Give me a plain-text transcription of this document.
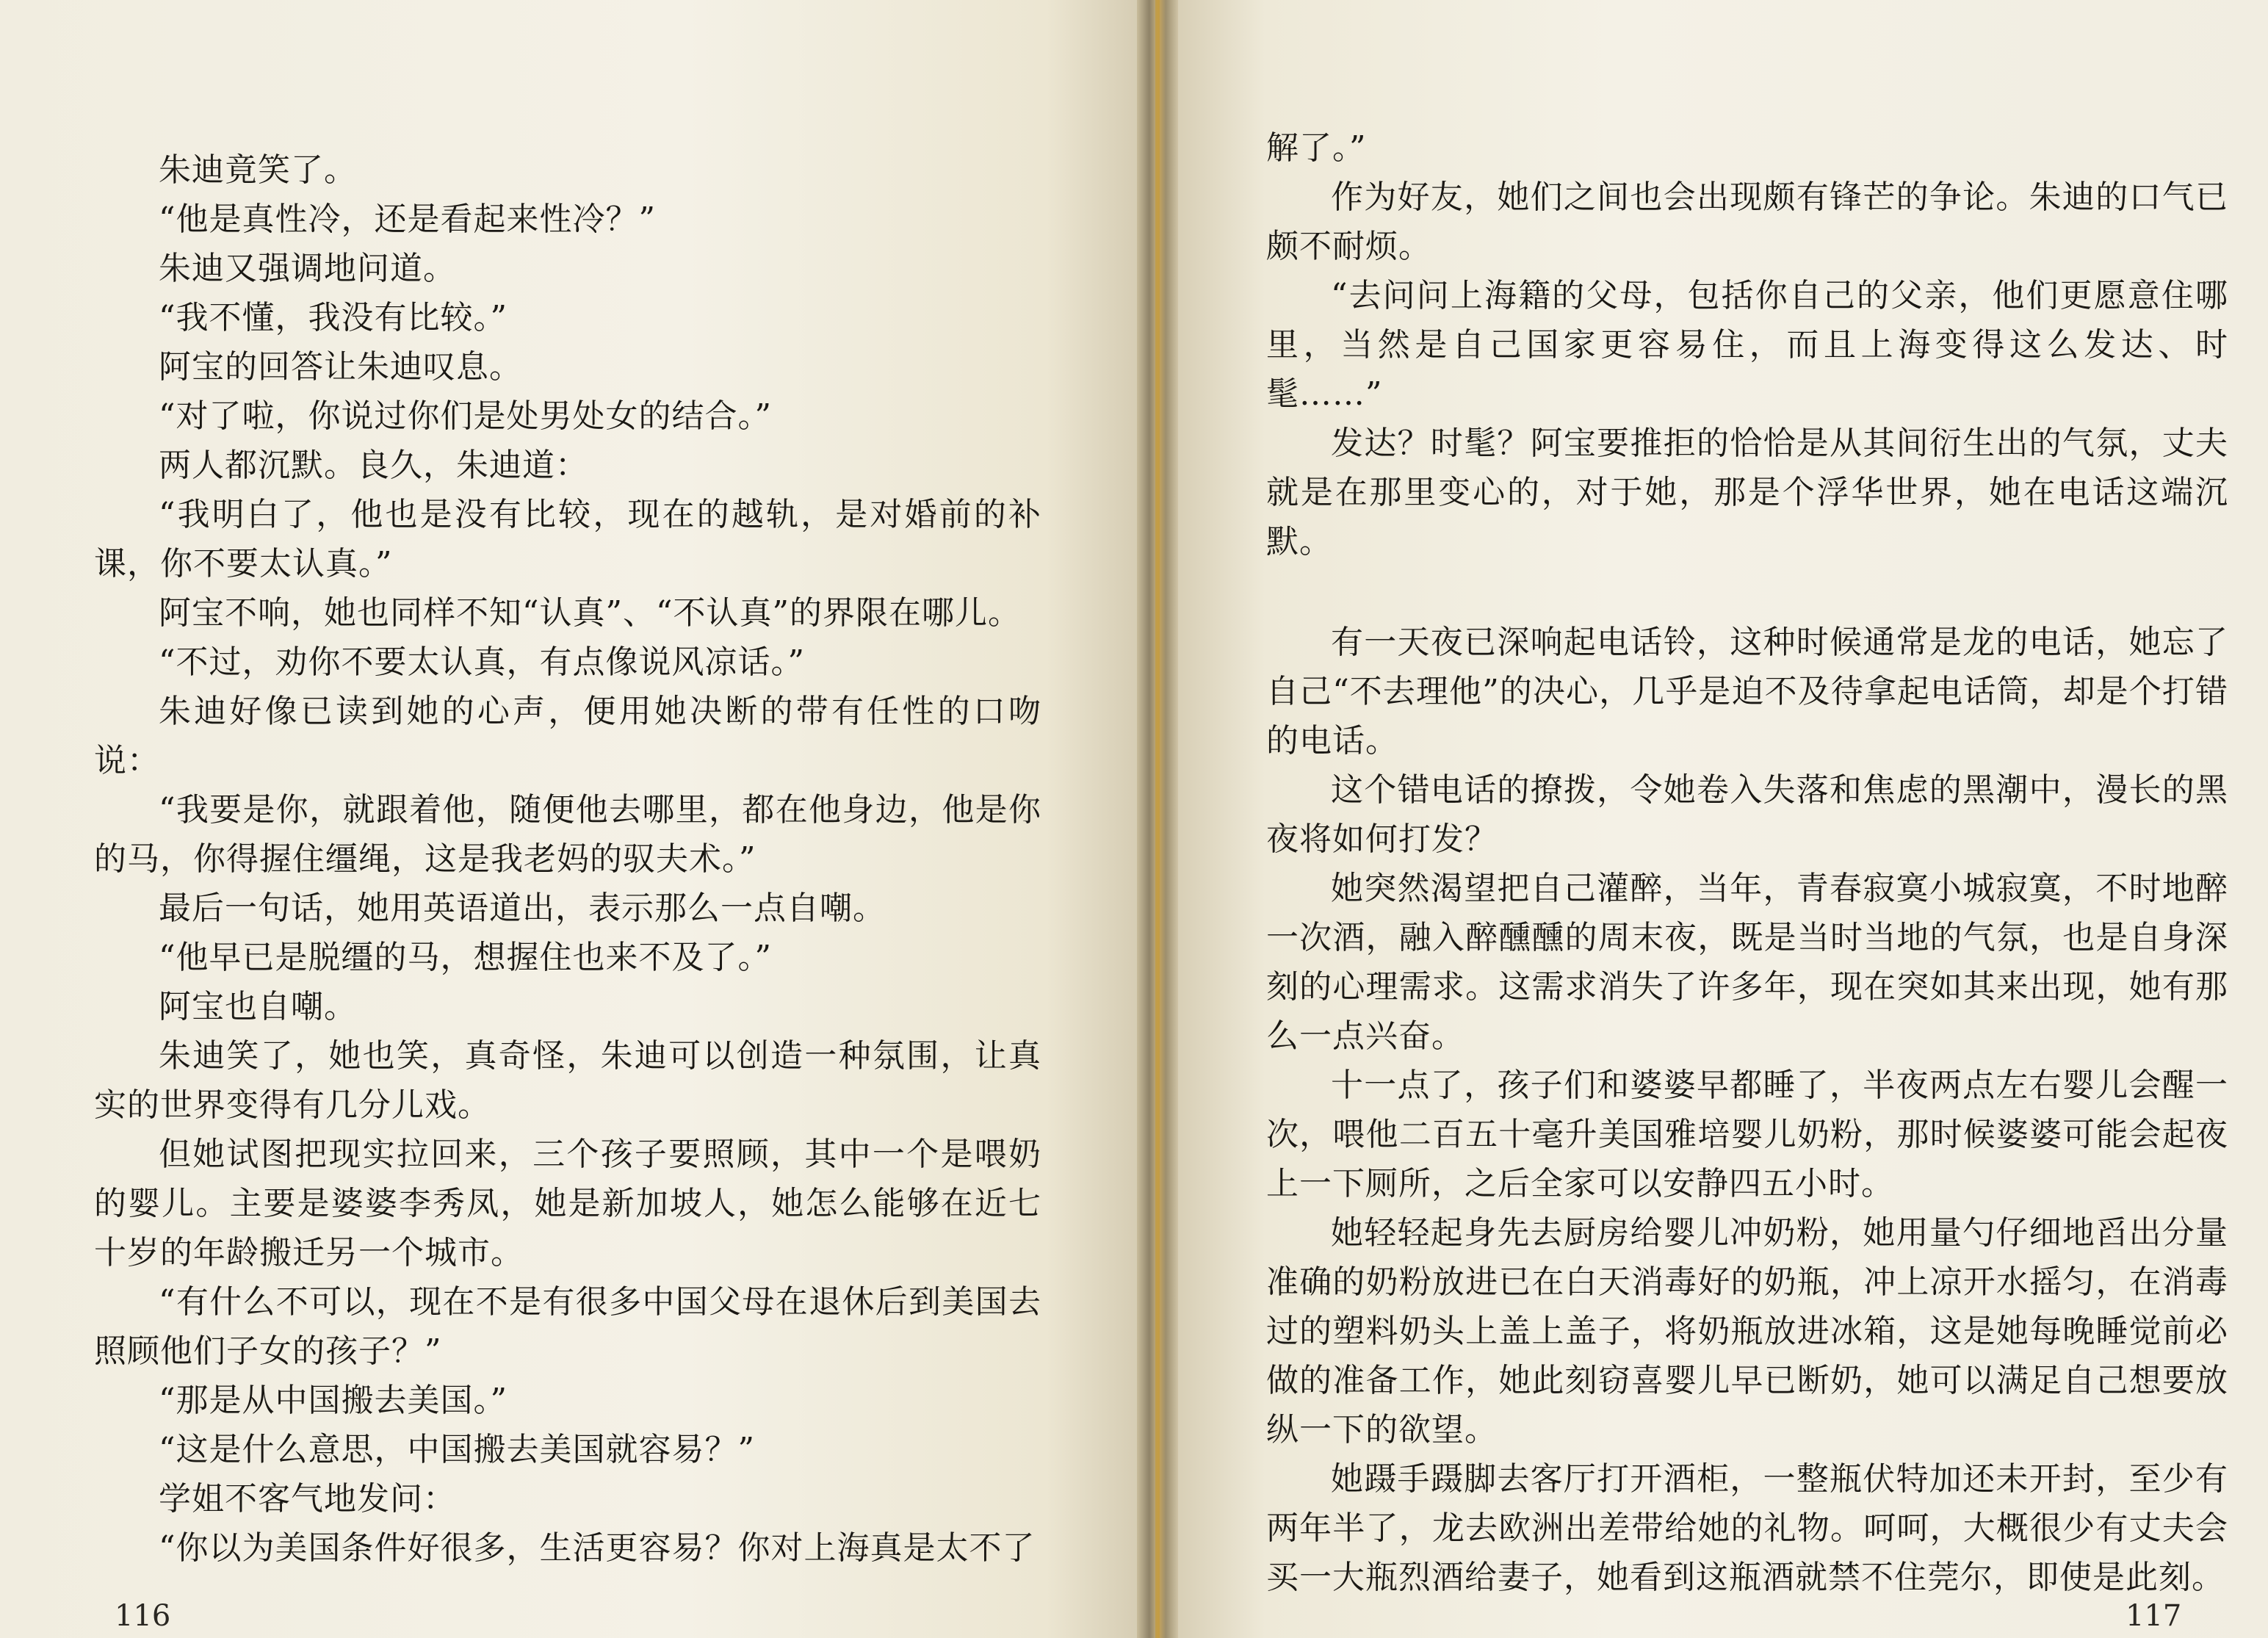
朱迪竟笑了。

“他是真性冷，还是看起来性冷？”

朱迪又强调地问道。

“我不懂，我没有比较。”

阿宝的回答让朱迪叹息。

“对了啦，你说过你们是处男处女的结合。”

两人都沉默。良久，朱迪道：

“我明白了，他也是没有比较，现在的越轨，是对婚前的补课，你不要太认真。”

阿宝不响，她也同样不知“认真”、“不认真”的界限在哪儿。

“不过，劝你不要太认真，有点像说风凉话。”

朱迪好像已读到她的心声，便用她决断的带有任性的口吻说：

“我要是你，就跟着他，随便他去哪里，都在他身边，他是你的马，你得握住缰绳，这是我老妈的驭夫术。”

最后一句话，她用英语道出，表示那么一点自嘲。

“他早已是脱缰的马，想握住也来不及了。”

阿宝也自嘲。

朱迪笑了，她也笑，真奇怪，朱迪可以创造一种氛围，让真实的世界变得有几分儿戏。

但她试图把现实拉回来，三个孩子要照顾，其中一个是喂奶的婴儿。主要是婆婆李秀凤，她是新加坡人，她怎么能够在近七十岁的年龄搬迁另一个城市。

“有什么不可以，现在不是有很多中国父母在退休后到美国去照顾他们子女的孩子？”

“那是从中国搬去美国。”

“这是什么意思，中国搬去美国就容易？”

学姐不客气地发问：

“你以为美国条件好很多，生活更容易？你对上海真是太不了

116

解了。”

作为好友，她们之间也会出现颇有锋芒的争论。朱迪的口气已颇不耐烦。

“去问问上海籍的父母，包括你自己的父亲，他们更愿意住哪里，当然是自己国家更容易住，而且上海变得这么发达、时髦……”

发达？时髦？阿宝要推拒的恰恰是从其间衍生出的气氛，丈夫就是在那里变心的，对于她，那是个浮华世界，她在电话这端沉默。

有一天夜已深响起电话铃，这种时候通常是龙的电话，她忘了自己“不去理他”的决心，几乎是迫不及待拿起电话筒，却是个打错的电话。

这个错电话的撩拨，令她卷入失落和焦虑的黑潮中，漫长的黑夜将如何打发？

她突然渴望把自己灌醉，当年，青春寂寞小城寂寞，不时地醉一次酒，融入醉醺醺的周末夜，既是当时当地的气氛，也是自身深刻的心理需求。这需求消失了许多年，现在突如其来出现，她有那么一点兴奋。

十一点了，孩子们和婆婆早都睡了，半夜两点左右婴儿会醒一次，喂他二百五十毫升美国雅培婴儿奶粉，那时候婆婆可能会起夜上一下厕所，之后全家可以安静四五小时。

她轻轻起身先去厨房给婴儿冲奶粉，她用量勺仔细地舀出分量准确的奶粉放进已在白天消毒好的奶瓶，冲上凉开水摇匀，在消毒过的塑料奶头上盖上盖子，将奶瓶放进冰箱，这是她每晚睡觉前必做的准备工作，她此刻窃喜婴儿早已断奶，她可以满足自己想要放纵一下的欲望。

她蹑手蹑脚去客厅打开酒柜，一整瓶伏特加还未开封，至少有两年半了，龙去欧洲出差带给她的礼物。呵呵，大概很少有丈夫会买一大瓶烈酒给妻子，她看到这瓶酒就禁不住莞尔，即使是此刻。

117
